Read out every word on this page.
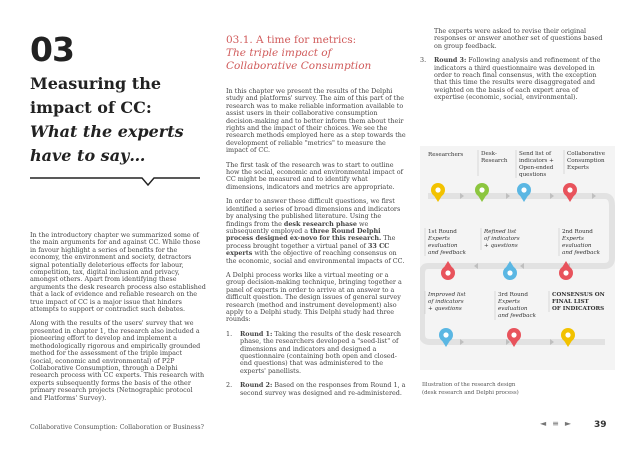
03
Measuring the
impact of CC:
What the experts
have to say…

In the introductory chapter we summarized some of the main arguments for and against CC. While those in favour highlight a series of benefits for the economy, the environment and society, detractors signal potentially deleterious effects for labour, competition, tax, digital inclusion and privacy, amongst others. Apart from identifying these arguments the desk research process also established that a lack of evidence and reliable research on the true impact of CC is a major issue that hinders attempts to support or contradict such debates.

Along with the results of the users' survey that we presented in chapter 1, the research also included a pioneering effort to develop and implement a methodologically rigorous and empirically grounded method for the assessment of the triple impact (social, economic and environmental) of P2P Collaborative Consumption, through a Delphi research process with CC experts. This research with experts subsequently forms the basis of the other primary research projects (Netnographic protocol and Platforms' Survey).

03.1. A time for metrics:
The triple impact of
Collaborative Consumption

In this chapter we present the results of the Delphi study and platforms' survey. The aim of this part of the research was to make reliable information available to assist users in their collaborative consumption decision-making and to better inform them about their rights and the impact of their choices. We see the research methods employed here as a step towards the development of reliable "metrics" to measure the impact of CC.

The first task of the research was to start to outline how the social, economic and environmental impact of CC might be measured and to identify what dimensions, indicators and metrics are appropriate.

In order to answer these difficult questions, we first identified a series of broad dimensions and indicators by analysing the published literature. Using the findings from the desk research phase we subsequently employed a three Round Delphi process designed ex-novo for this research. The process brought together a virtual panel of 33 CC experts with the objective of reaching consensus on the economic, social and environmental impacts of CC.

A Delphi process works like a virtual meeting or a group decision-making technique, bringing together a panel of experts in order to arrive at an answer to a difficult question. The design issues of general survey research (method and instrument development) also apply to a Delphi study. This Delphi study had three rounds:

1.	Round 1: Taking the results of the desk research phase, the researchers developed a "seed-list" of dimensions and indicators and designed a questionnaire (containing both open and closed-end questions) that was administered to the experts' panellists.
2.	Round 2: Based on the responses from Round 1, a second survey was designed and re-administered.

The experts were asked to revise their original responses or answer another set of questions based on group feedback.

3.	Round 3: Following analysis and refinement of the indicators a third questionnaire was developed in order to reach final consensus, with the exception that this time the results were disaggregated and weighted on the basis of each expert area of expertise (economic, social, environmental).
Researchers	Desk-
Research
Send list of
indicators +
Open-ended
questions
Collaborative
Consumption
Experts
1st Round
Experts
evaluation
and feedback
Refined list
of indicators
+ questions
2nd Round
Experts
evaluation
and feedback
Improved list
of indicators
+ questions
3rd Round
Experts
evaluation
and feedback
CONSENSUS ON
FINAL LIST
OF INDICATORS
Illustration of the research design
(desk research and Delphi process)
Collaborative Consumption: Collaboration or Business?	◄ ≡ ►	39
